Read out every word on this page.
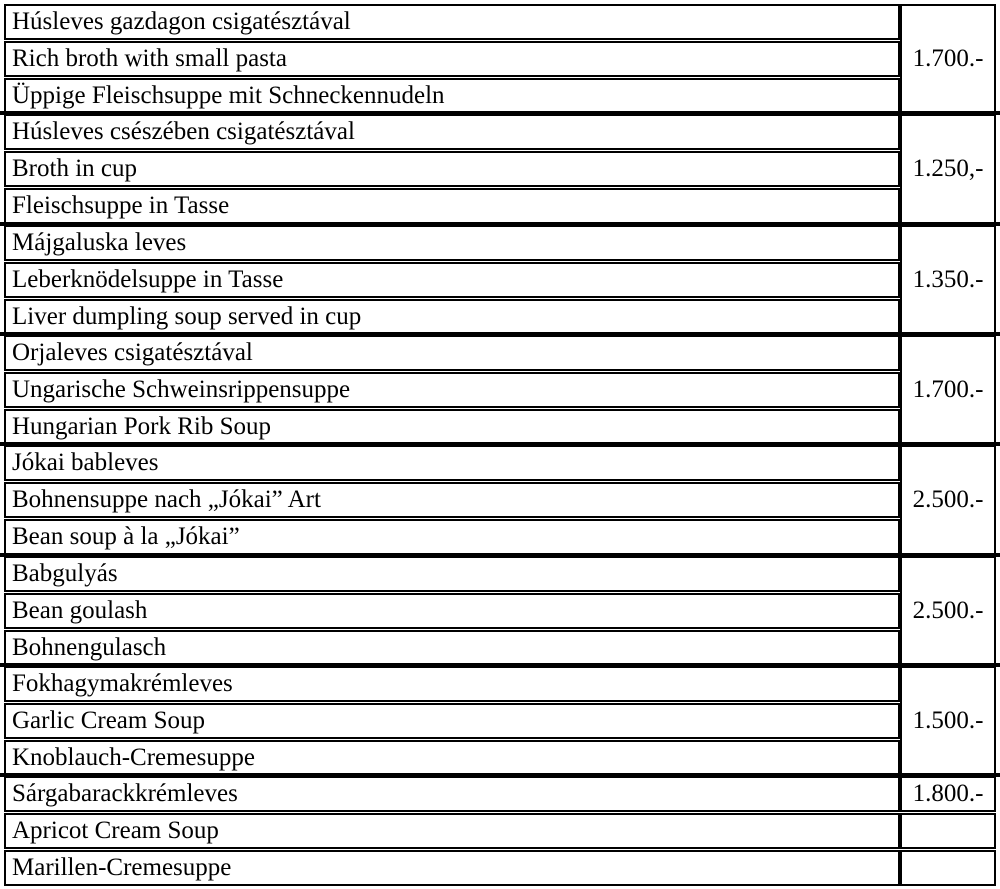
Húsleves gazdagon csigatésztával
Rich broth with small pasta
Üppige Fleischsuppe mit Schneckennudeln
1.700.-
Húsleves csészében csigatésztával
Broth in cup
Fleischsuppe in Tasse
1.250,-
Májgaluska leves
Leberknödelsuppe in Tasse
Liver dumpling soup served in cup
1.350.-
Orjaleves csigatésztával
Ungarische Schweinsrippensuppe
Hungarian Pork Rib Soup
1.700.-
Jókai bableves
Bohnensuppe nach „Jókai” Art
Bean soup à la „Jókai”
2.500.-
Babgulyás
Bean goulash
Bohnengulasch
2.500.-
Fokhagymakrémleves
Garlic Cream Soup
Knoblauch-Cremesuppe
1.500.-
Sárgabarackkrémleves
Apricot Cream Soup
Marillen-Cremesuppe
1.800.-
